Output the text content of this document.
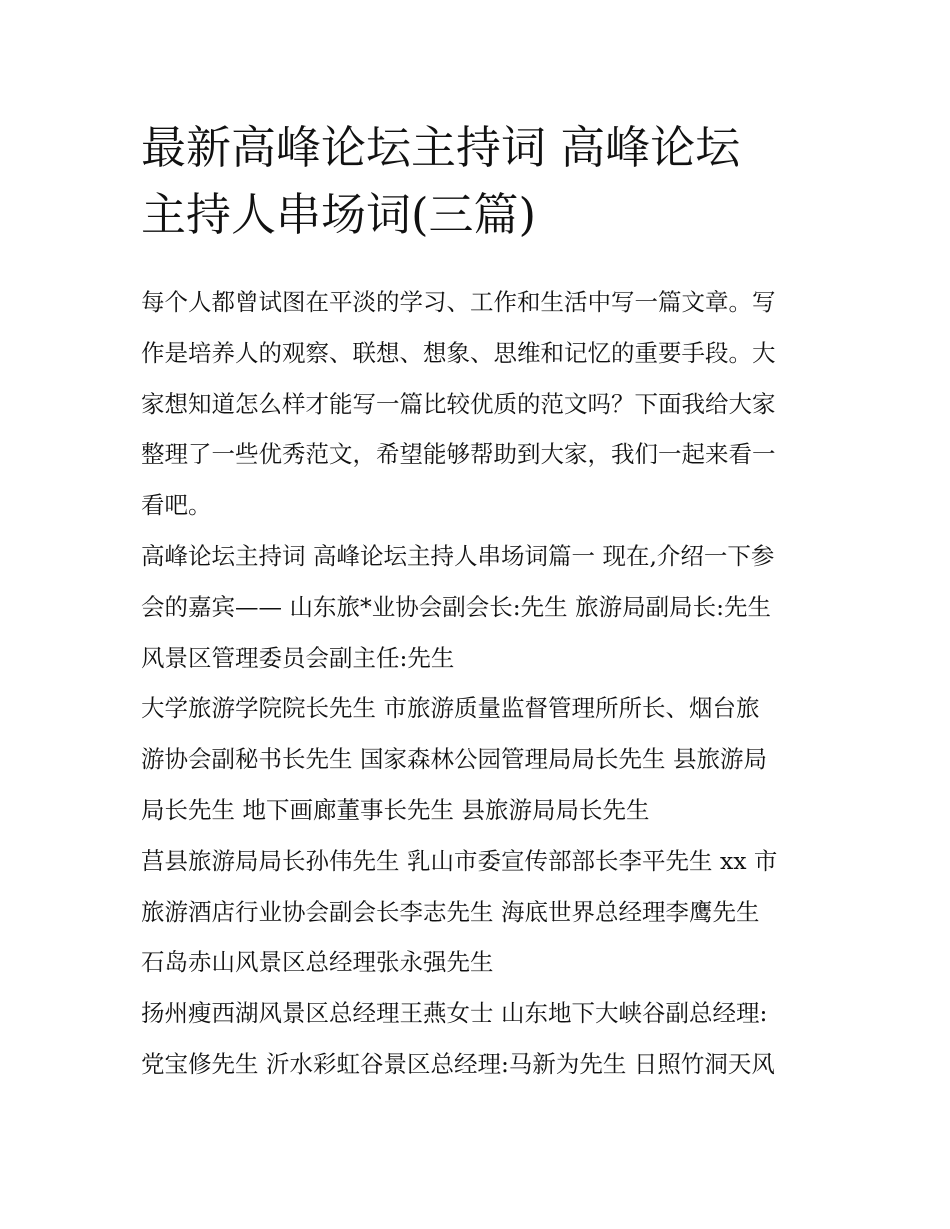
最新高峰论坛主持词 高峰论坛
主持人串场词(三篇)
每个人都曾试图在平淡的学习、工作和生活中写一篇文章。写
作是培养人的观察、联想、想象、思维和记忆的重要手段。大
家想知道怎么样才能写一篇比较优质的范文吗？下面我给大家
整理了一些优秀范文，希望能够帮助到大家，我们一起来看一
看吧。
高峰论坛主持词 高峰论坛主持人串场词篇一 现在,介绍一下参
会的嘉宾—— 山东旅*业协会副会长:先生 旅游局副局长:先生
风景区管理委员会副主任:先生
大学旅游学院院长先生 市旅游质量监督管理所所长、烟台旅
游协会副秘书长先生 国家森林公园管理局局长先生 县旅游局
局长先生 地下画廊董事长先生 县旅游局局长先生
莒县旅游局局长孙伟先生 乳山市委宣传部部长李平先生 xx 市
旅游酒店行业协会副会长李志先生 海底世界总经理李鹰先生
石岛赤山风景区总经理张永强先生
扬州瘦西湖风景区总经理王燕女士 山东地下大峡谷副总经理:
党宝修先生 沂水彩虹谷景区总经理:马新为先生 日照竹洞天风
